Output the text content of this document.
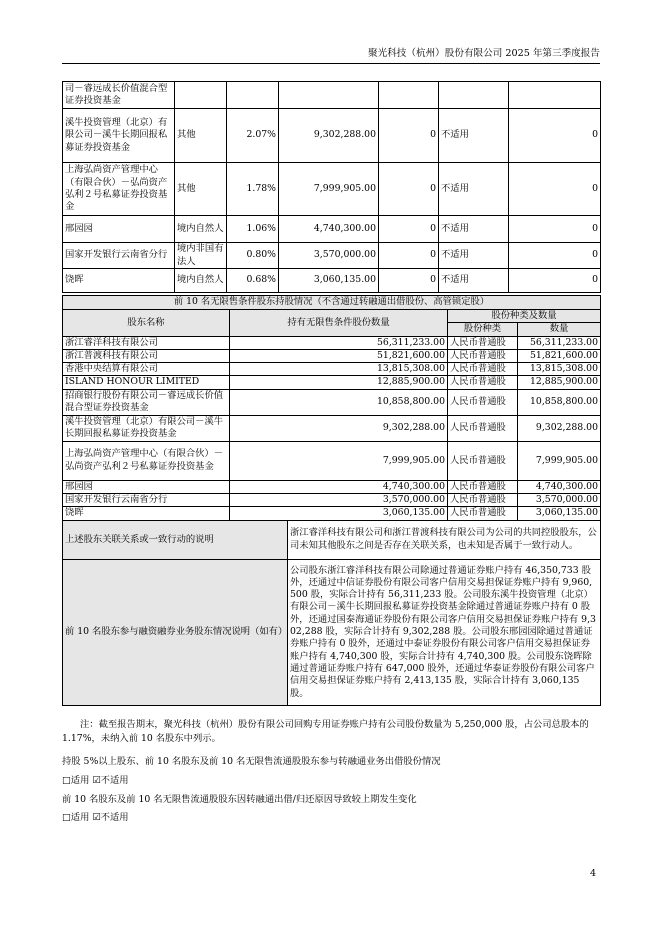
聚光科技（杭州）股份有限公司 2025 年第三季度报告
司－睿远成长价值混合型证券投资基金						
溪牛投资管理（北京）有限公司－溪牛长期回报私募证券投资基金	其他	2.07%	9,302,288.00	0	不适用	0
上海弘尚资产管理中心（有限合伙）－弘尚资产弘利２号私募证券投资基金	其他	1.78%	7,999,905.00	0	不适用	0
邢园园	境内自然人	1.06%	4,740,300.00	0	不适用	0
国家开发银行云南省分行	境内非国有法人	0.80%	3,570,000.00	0	不适用	0
饶晖	境内自然人	0.68%	3,060,135.00	0	不适用	0
前 10 名无限售条件股东持股情况（不含通过转融通出借股份、高管锁定股）				
股东名称	持有无限售条件股份数量		股份种类及数量	
			股份种类	数量
浙江睿洋科技有限公司	56,311,233.00		人民币普通股	56,311,233.00
浙江普渡科技有限公司	51,821,600.00		人民币普通股	51,821,600.00
香港中央结算有限公司	13,815,308.00		人民币普通股	13,815,308.00
ISLAND HONOUR LIMITED	12,885,900.00		人民币普通股	12,885,900.00
招商银行股份有限公司－睿远成长价值混合型证券投资基金	10,858,800.00		人民币普通股	10,858,800.00
溪牛投资管理（北京）有限公司－溪牛长期回报私募证券投资基金	9,302,288.00		人民币普通股	9,302,288.00
上海弘尚资产管理中心（有限合伙）－弘尚资产弘利２号私募证券投资基金	7,999,905.00		人民币普通股	7,999,905.00
邢园园	4,740,300.00		人民币普通股	4,740,300.00
国家开发银行云南省分行	3,570,000.00		人民币普通股	3,570,000.00
饶晖	3,060,135.00		人民币普通股	3,060,135.00
上述股东关联关系或一致行动的说明		浙江睿洋科技有限公司和浙江普渡科技有限公司为公司的共同控股股东，公司未知其他股东之间是否存在关联关系，也未知是否属于一致行动人。		
前 10 名股东参与融资融券业务股东情况说明（如有）		公司股东浙江睿洋科技有限公司除通过普通证券账户持有 46,350,733 股外，还通过中信证券股份有限公司客户信用交易担保证券账户持有 9,960,500 股，实际合计持有 56,311,233 股。公司股东溪牛投资管理（北京）有限公司－溪牛长期回报私募证券投资基金除通过普通证券账户持有 0 股外，还通过国泰海通证券股份有限公司客户信用交易担保证券账户持有 9,302,288 股，实际合计持有 9,302,288 股。公司股东邢园园除通过普通证券账户持有 0 股外，还通过中泰证券股份有限公司客户信用交易担保证券账户持有 4,740,300 股，实际合计持有 4,740,300 股。公司股东饶晖除通过普通证券账户持有 647,000 股外，还通过华泰证券股份有限公司客户信用交易担保证券账户持有 2,413,135 股，实际合计持有 3,060,135 股。		
注：截至报告期末，聚光科技（杭州）股份有限公司回购专用证券账户持有公司股份数量为 5,250,000 股，占公司总股本的 1.17%，未纳入前 10 名股东中列示。
持股 5%以上股东、前 10 名股东及前 10 名无限售流通股股东参与转融通业务出借股份情况
□适用 ☑不适用
前 10 名股东及前 10 名无限售流通股股东因转融通出借/归还原因导致较上期发生变化
□适用 ☑不适用
4
